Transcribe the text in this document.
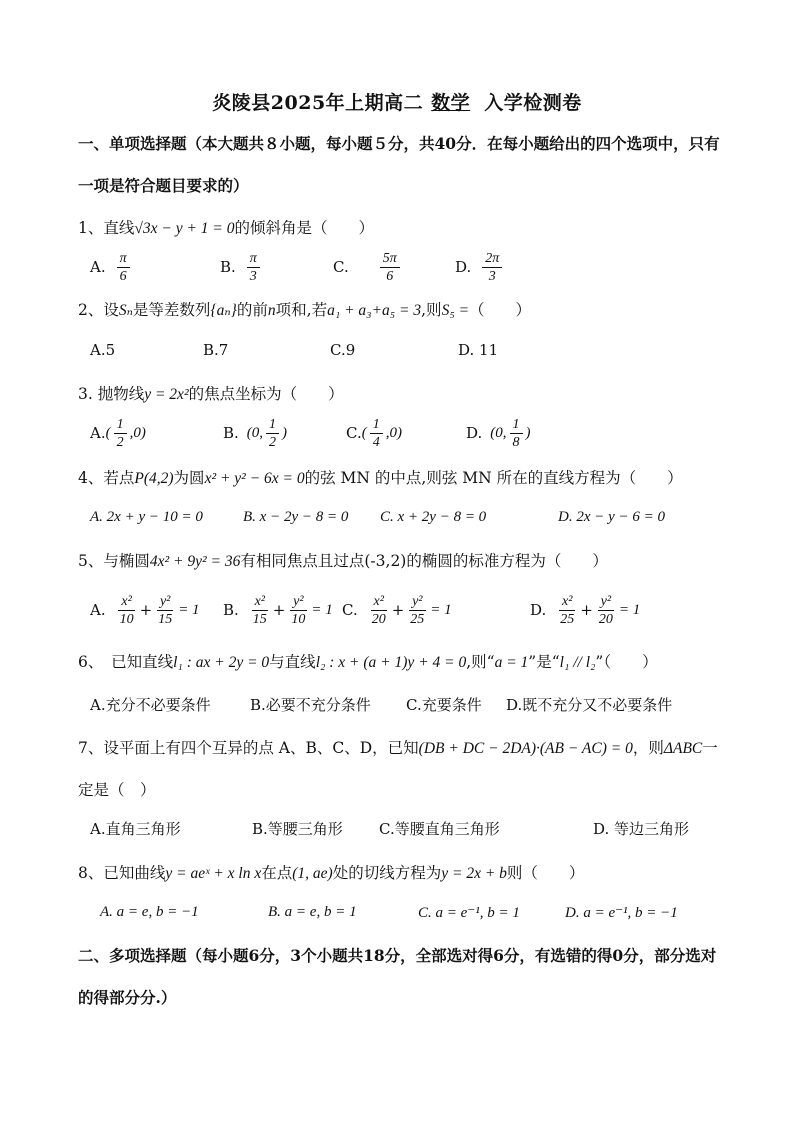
炎陵县2025年上期高二 数学 入学检测卷
一、单项选择题（本大题共８小题，每小题５分，共40分．在每小题给出的四个选项中，只有一项是符合题目要求的）
1、直线√3x − y + 1 = 0的倾斜角是（　　）
A. $\frac{\pi}{6}$	B. $\frac{\pi}{3}$	C. $\frac{5\pi}{6}$	D. $\frac{2\pi}{3}$
2、设Sₙ是等差数列{aₙ}的前n项和,若a₁ + a₃+a₅ = 3,则S₅ =（　　）
A.5	B.7	C.9	D. 11
3. 抛物线y = 2x²的焦点坐标为（　　）
A. ( $\frac{1}{2} ,0$)	B. (0, $\frac{1}{2}$ )	C. ( $\frac{1}{4} ,0$)	D. (0, $\frac{1}{8}$ )
4、若点P(4,2)为圆x² + y² − 6x = 0的弦 MN 的中点,则弦 MN 所在的直线方程为（　　）
A. 2x + y − 10 = 0	B. x − 2y − 8 = 0 C. x + 2y − 8 = 0	D. 2x − y − 6 = 0
5、与椭圆4x² + 9y² = 36有相同焦点且过点(-3,2)的椭圆的标准方程为（　　）
A. $\frac{\text{x²}}{10} + \frac{\text{y²}}{15} = 1$ B. $\frac{\text{x²}}{15} + \frac{\text{y²}}{10} = 1$ C. $\frac{\text{x²}}{20} + \frac{\text{y²}}{25} = 1$	D. $\frac{\text{x²}}{25} + \frac{\text{y²}}{20} = 1$
6、　已知直线l₁ : ax + 2y = 0与直线l₂ : x + (a + 1)y + 4 = 0,则“a = 1”是“l₁ // l₂”（　　）
A.充分不必要条件	B.必要不充分条件 C.充要条件 D.既不充分又不必要条件
7、设平面上有四个互异的点 A、B、C、D，已知(DB + DC − 2DA)·(AB − AC) = 0，则ΔABC一
定是（　）
A.直角三角形	B.等腰三角形 C.等腰直角三角形	D. 等边三角形
8、已知曲线y = aeˣ + x ln x在点(1, ae)处的切线方程为y = 2x + b则（　　）
A. a = e, b = −1	B. a = e, b = 1	C. a = e⁻¹, b = 1	D. a = e⁻¹, b = −1
二、多项选择题（每小题6分，3个小题共18分，全部选对得6分，有选错的得0分，部分选对的得部分分.）
